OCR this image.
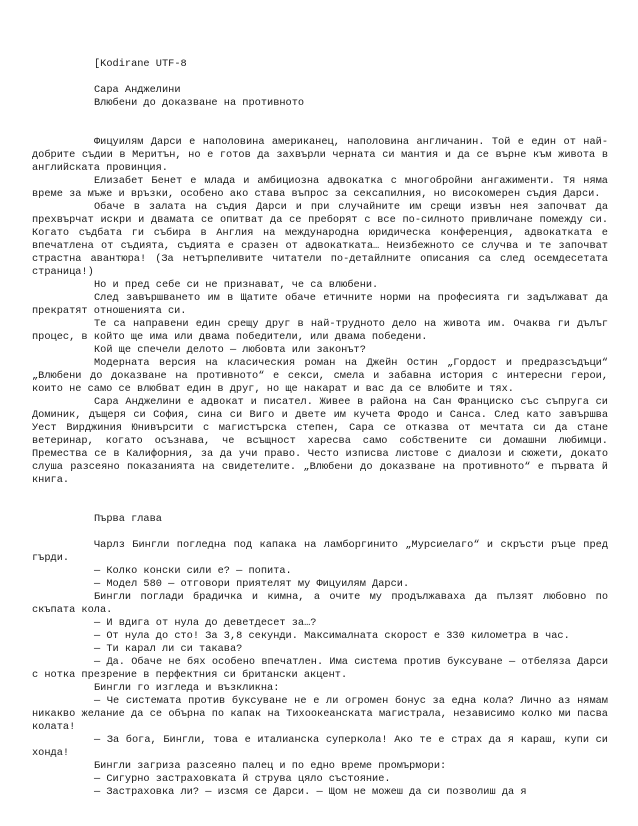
[Kodirane UTF-8

Сара Анджелини

Влюбени до доказване на противното

Фицуилям Дарси е наполовина американец, наполовина англичанин. Той е един от най-добрите съдии в Меритън, но е готов да захвърли черната си мантия и да се върне към живота в английската провинция.

Елизабет Бенет е млада и амбициозна адвокатка с многобройни ангажименти. Тя няма време за мъже и връзки, особено ако става въпрос за сексапилния, но високомерен съдия Дарси.

Обаче в залата на съдия Дарси и при случайните им срещи извън нея започват да прехвърчат искри и двамата се опитват да се преборят с все по-силното привличане помежду си. Когато съдбата ги събира в Англия на международна юридическа конференция, адвокатката е впечатлена от съдията, съдията е сразен от адвокатката… Неизбежното се случва и те започват страстна авантюра! (За нетърпеливите читатели по-детайлните описания са след осемдесетата страница!)

Но и пред себе си не признават, че са влюбени.

След завършването им в Щатите обаче етичните норми на професията ги задължават да прекратят отношенията си.

Те са направени един срещу друг в най-трудното дело на живота им. Очаква ги дълъг процес, в който ще има или двама победители, или двама победени.

Кой ще спечели делото — любовта или законът?

Модерната версия на класическия роман на Джейн Остин „Гордост и предразсъдъци“ „Влюбени до доказване на противното“ е секси, смела и забавна история с интересни герои, които не само се влюбват един в друг, но ще накарат и вас да се влюбите и тях.

Сара Анджелини е адвокат и писател. Живее в района на Сан Франциско със съпруга си Доминик, дъщеря си София, сина си Виго и двете им кучета Фродо и Санса. След като завършва Уест Вирджиния Юнивърсити с магистърска степен, Сара се отказва от мечтата си да стане ветеринар, когато осъзнава, че всъщност харесва само собствените си домашни любимци. Премества се в Калифорния, за да учи право. Често изписва листове с диалози и сюжети, докато слуша разсеяно показанията на свидетелите. „Влюбени до доказване на противното“ е първата й книга.

Първа глава

Чарлз Бингли погледна под капака на ламборгинито „Мурсиелаго“ и скръсти ръце пред гърди.

— Колко конски сили е? — попита.

— Модел 580 — отговори приятелят му Фицуилям Дарси.

Бингли поглади брадичка и кимна, а очите му продължаваха да пълзят любовно по скъпата кола.

— И вдига от нула до деветдесет за…?

— От нула до сто! За 3,8 секунди. Максималната скорост е 330 километра в час.

— Ти карал ли си такава?

— Да. Обаче не бях особено впечатлен. Има система против буксуване — отбеляза Дарси с нотка презрение в перфектния си британски акцент.

Бингли го изгледа и възкликна:

— Че системата против буксуване не е ли огромен бонус за една кола? Лично аз нямам никакво желание да се обърна по капак на Тихоокеанската магистрала, независимо колко ми пасва колата!

— За бога, Бингли, това е италианска суперкола! Ако те е страх да я караш, купи си хонда!

Бингли загриза разсеяно палец и по едно време промърмори:

— Сигурно застраховката й струва цяло състояние.

— Застраховка ли? — изсмя се Дарси. — Щом не можеш да си позволиш да я
